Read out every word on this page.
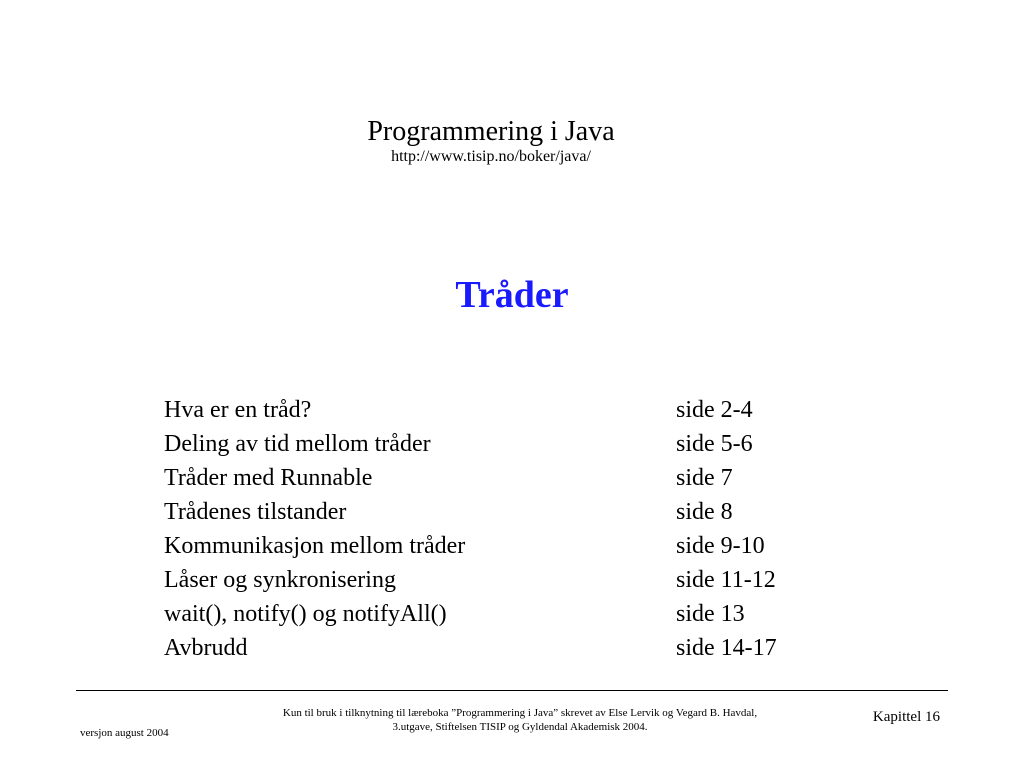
Programmering i Java
http://www.tisip.no/boker/java/
Tråder
Hva er en tråd?	side 2-4
Deling av tid mellom tråder	side 5-6
Tråder med Runnable	side 7
Trådenes tilstander	side 8
Kommunikasjon mellom tråder	side 9-10
Låser og synkronisering	side 11-12
wait(), notify() og notifyAll()	side 13
Avbrudd	side 14-17
versjon august 2004
Kun til bruk i tilknytning til læreboka ”Programmering i Java” skrevet av Else Lervik og Vegard B. Havdal,
3.utgave, Stiftelsen TISIP og Gyldendal Akademisk 2004.
Kapittel 16
